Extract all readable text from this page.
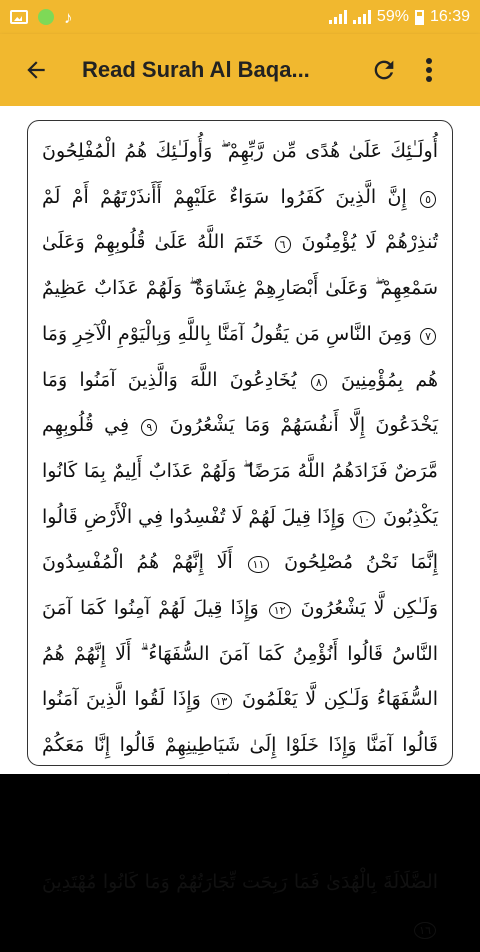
♪	59% 16:39
Read Surah Al Baqa...
أُولَـٰئِكَ عَلَىٰ هُدًى مِّن رَّبِّهِمْ ۖ وَأُولَـٰئِكَ هُمُ الْمُفْلِحُونَ ٥ إِنَّ الَّذِينَ كَفَرُوا سَوَاءٌ عَلَيْهِمْ أَأَنذَرْتَهُمْ أَمْ لَمْ تُنذِرْهُمْ لَا يُؤْمِنُونَ ٦ خَتَمَ اللَّهُ عَلَىٰ قُلُوبِهِمْ وَعَلَىٰ سَمْعِهِمْ ۖ وَعَلَىٰ أَبْصَارِهِمْ غِشَاوَةٌ ۖ وَلَهُمْ عَذَابٌ عَظِيمٌ ٧ وَمِنَ النَّاسِ مَن يَقُولُ آمَنَّا بِاللَّهِ وَبِالْيَوْمِ الْآخِرِ وَمَا هُم بِمُؤْمِنِينَ ٨ يُخَادِعُونَ اللَّهَ وَالَّذِينَ آمَنُوا وَمَا يَخْدَعُونَ إِلَّا أَنفُسَهُمْ وَمَا يَشْعُرُونَ ٩ فِي قُلُوبِهِم مَّرَضٌ فَزَادَهُمُ اللَّهُ مَرَضًا ۖ وَلَهُمْ عَذَابٌ أَلِيمٌ بِمَا كَانُوا يَكْذِبُونَ ١٠ وَإِذَا قِيلَ لَهُمْ لَا تُفْسِدُوا فِي الْأَرْضِ قَالُوا إِنَّمَا نَحْنُ مُصْلِحُونَ ١١ أَلَا إِنَّهُمْ هُمُ الْمُفْسِدُونَ وَلَـٰكِن لَّا يَشْعُرُونَ ١٢ وَإِذَا قِيلَ لَهُمْ آمِنُوا كَمَا آمَنَ النَّاسُ قَالُوا أَنُؤْمِنُ كَمَا آمَنَ السُّفَهَاءُ ۗ أَلَا إِنَّهُمْ هُمُ السُّفَهَاءُ وَلَـٰكِن لَّا يَعْلَمُونَ ١٣ وَإِذَا لَقُوا الَّذِينَ آمَنُوا قَالُوا آمَنَّا وَإِذَا خَلَوْا إِلَىٰ شَيَاطِينِهِمْ قَالُوا إِنَّا مَعَكُمْ   الضَّلَالَةَ بِالْهُدَىٰ فَمَا رَبِحَت تِّجَارَتُهُمْ وَمَا كَانُوا مُهْتَدِينَ ١٦
